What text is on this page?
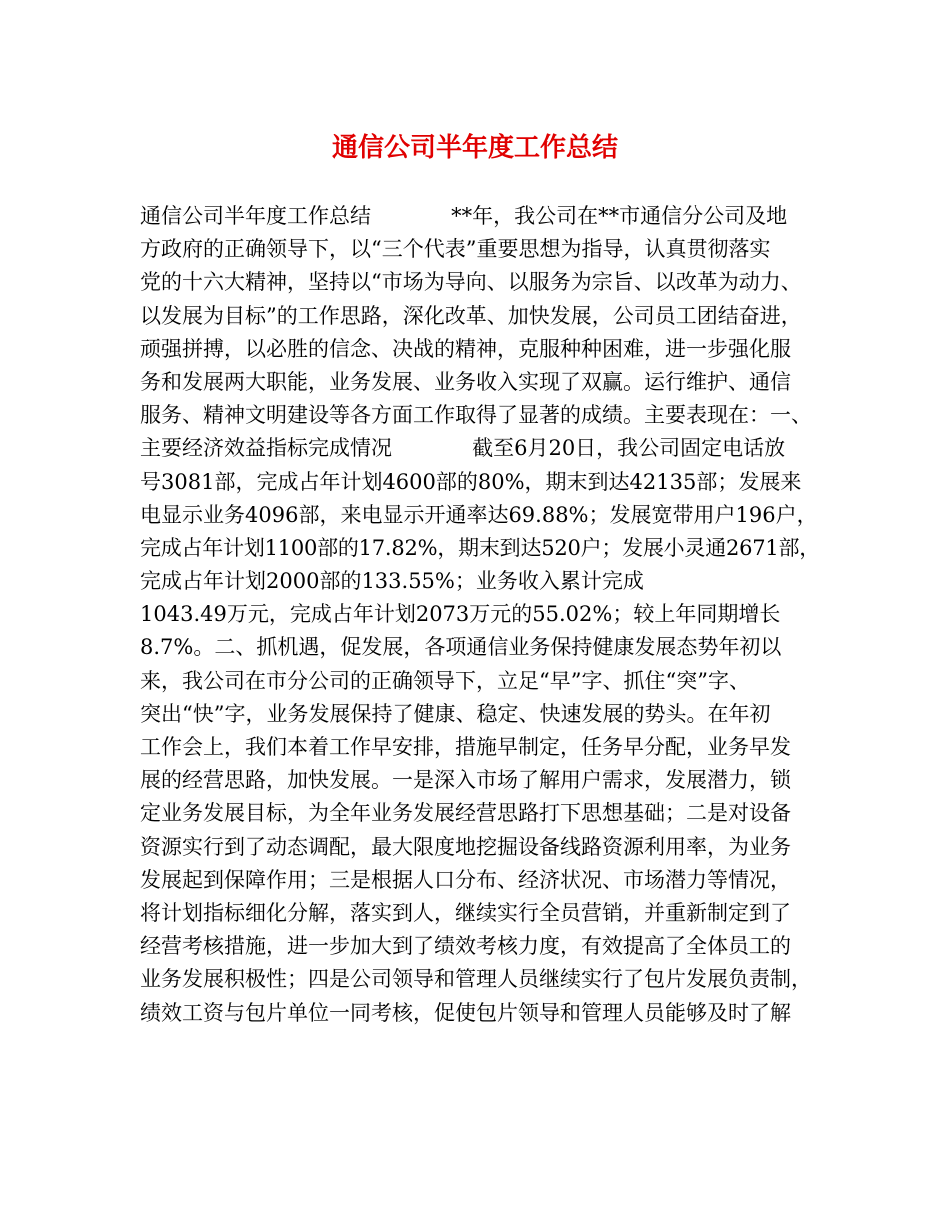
通信公司半年度工作总结
通信公司半年度工作总结            **年，我公司在**市通信分公司及地
方政府的正确领导下，以“三个代表”重要思想为指导，认真贯彻落实
党的十六大精神，坚持以“市场为导向、以服务为宗旨、以改革为动力、
以发展为目标”的工作思路，深化改革、加快发展，公司员工团结奋进，
顽强拼搏，以必胜的信念、决战的精神，克服种种困难，进一步强化服
务和发展两大职能，业务发展、业务收入实现了双赢。运行维护、通信
服务、精神文明建设等各方面工作取得了显著的成绩。主要表现在：一、
主要经济效益指标完成情况            截至6月20日，我公司固定电话放
号3081部，完成占年计划4600部的80%，期末到达42135部；发展来
电显示业务4096部，来电显示开通率达69.88%；发展宽带用户196户，
完成占年计划1100部的17.82%，期末到达520户；发展小灵通2671部，
完成占年计划2000部的133.55%；业务收入累计完成
1043.49万元，完成占年计划2073万元的55.02%；较上年同期增长
8.7%。二、抓机遇，促发展，各项通信业务保持健康发展态势年初以
来，我公司在市分公司的正确领导下，立足“早”字、抓住“突”字、
突出“快”字，业务发展保持了健康、稳定、快速发展的势头。在年初
工作会上，我们本着工作早安排，措施早制定，任务早分配，业务早发
展的经营思路，加快发展。一是深入市场了解用户需求，发展潜力，锁
定业务发展目标，为全年业务发展经营思路打下思想基础；二是对设备
资源实行到了动态调配，最大限度地挖掘设备线路资源利用率，为业务
发展起到保障作用；三是根据人口分布、经济状况、市场潜力等情况，
将计划指标细化分解，落实到人，继续实行全员营销，并重新制定到了
经营考核措施，进一步加大到了绩效考核力度，有效提高了全体员工的
业务发展积极性；四是公司领导和管理人员继续实行了包片发展负责制，
绩效工资与包片单位一同考核，促使包片领导和管理人员能够及时了解
